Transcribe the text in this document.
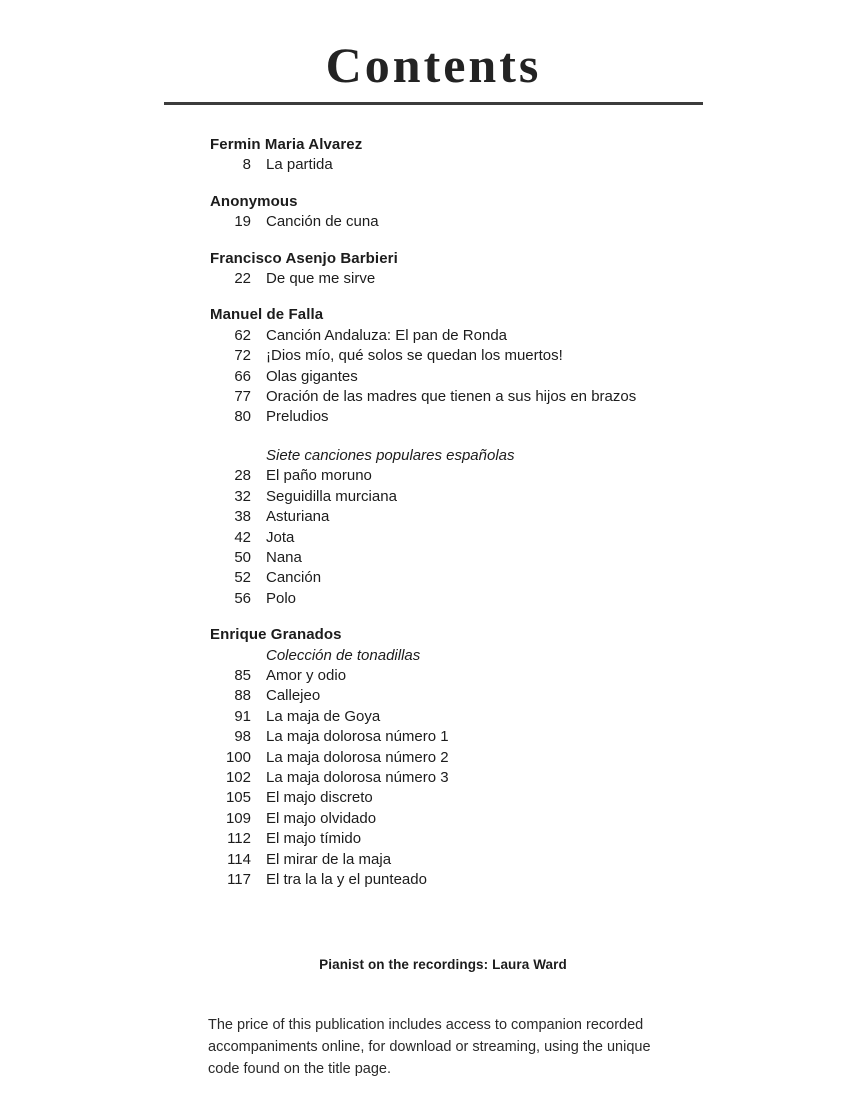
Contents
Fermin Maria Alvarez
8 La partida
Anonymous
19 Canción de cuna
Francisco Asenjo Barbieri
22 De que me sirve
Manuel de Falla
62 Canción Andaluza: El pan de Ronda
72 ¡Dios mío, qué solos se quedan los muertos!
66 Olas gigantes
77 Oración de las madres que tienen a sus hijos en brazos
80 Preludios
Siete canciones populares españolas
28 El paño moruno
32 Seguidilla murciana
38 Asturiana
42 Jota
50 Nana
52 Canción
56 Polo
Enrique Granados
Colección de tonadillas
85 Amor y odio
88 Callejeo
91 La maja de Goya
98 La maja dolorosa número 1
100 La maja dolorosa número 2
102 La maja dolorosa número 3
105 El majo discreto
109 El majo olvidado
112 El majo tímido
114 El mirar de la maja
117 El tra la la y el punteado
Pianist on the recordings: Laura Ward
The price of this publication includes access to companion recorded
accompaniments online, for download or streaming, using the unique
code found on the title page.
